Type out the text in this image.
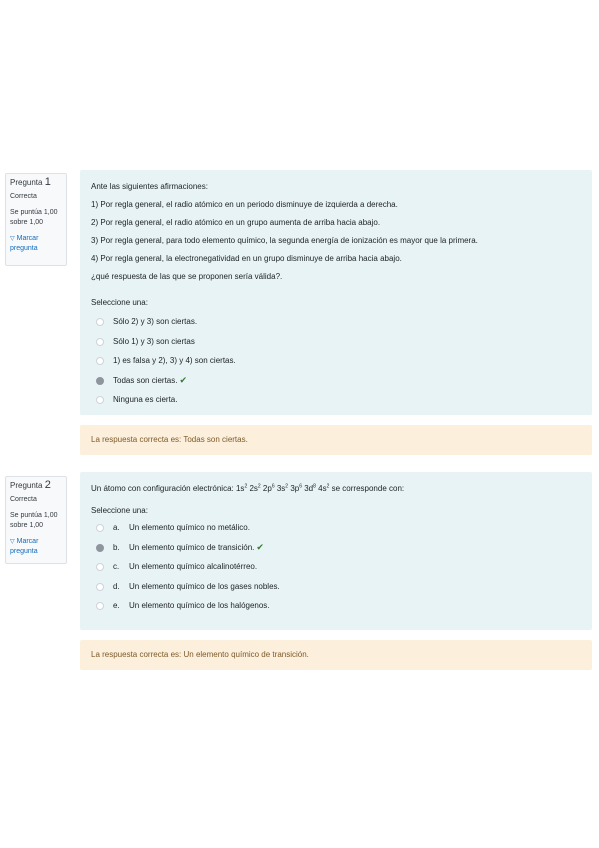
Pregunta 1
Correcta
Se puntúa 1,00 sobre 1,00
▽ Marcar pregunta

Ante las siguientes afirmaciones:

1) Por regla general, el radio atómico en un periodo disminuye de izquierda a derecha.

2) Por regla general, el radio atómico en un grupo aumenta de arriba hacia abajo.

3) Por regla general, para todo elemento químico, la segunda energía de ionización es mayor que la primera.

4) Por regla general, la electronegatividad en un grupo disminuye de arriba hacia abajo.

¿qué respuesta de las que se proponen sería válida?.

Seleccione una:
Sólo 2) y 3) son ciertas.
Sólo 1) y 3) son ciertas
1) es falsa y 2), 3) y 4) son ciertas.
Todas son ciertas. ✔
Ninguna es cierta.
La respuesta correcta es: Todas son ciertas.
Pregunta 2
Correcta
Se puntúa 1,00 sobre 1,00
▽ Marcar pregunta

Un átomo con configuración electrónica: $1s^2$ $2s^2$ $2p^6$ $3s^2$ $3p^6$ $3d^8$ $4s^2$ se corresponde con:

Seleccione una:
a. Un elemento químico no metálico.
b. Un elemento químico de transición. ✔
c. Un elemento químico alcalinotérreo.
d. Un elemento químico de los gases nobles.
e. Un elemento químico de los halógenos.
La respuesta correcta es: Un elemento químico de transición.
